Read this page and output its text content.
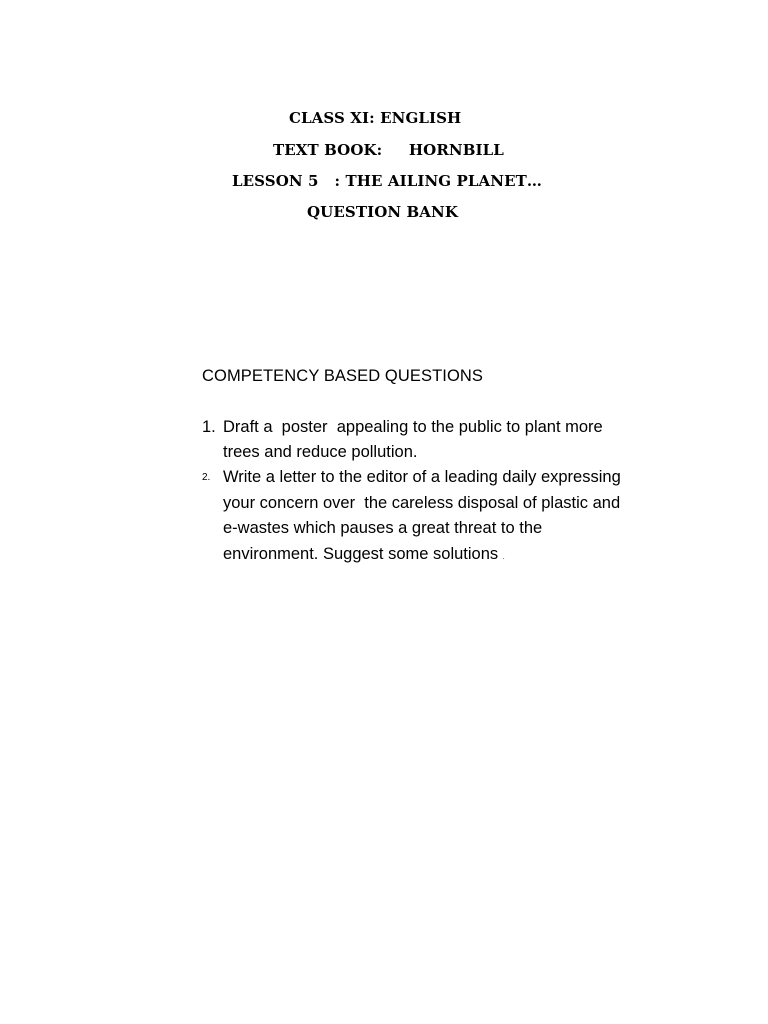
CLASS XI: ENGLISH
TEXT BOOK:     HORNBILL
LESSON 5   : THE AILING PLANET…
QUESTION BANK
COMPETENCY BASED QUESTIONS
1. Draft a  poster  appealing to the public to plant more
trees and reduce pollution.
2. Write a letter to the editor of a leading daily expressing
your concern over  the careless disposal of plastic and
e-wastes which pauses a great threat to the
environment. Suggest some solutions .
